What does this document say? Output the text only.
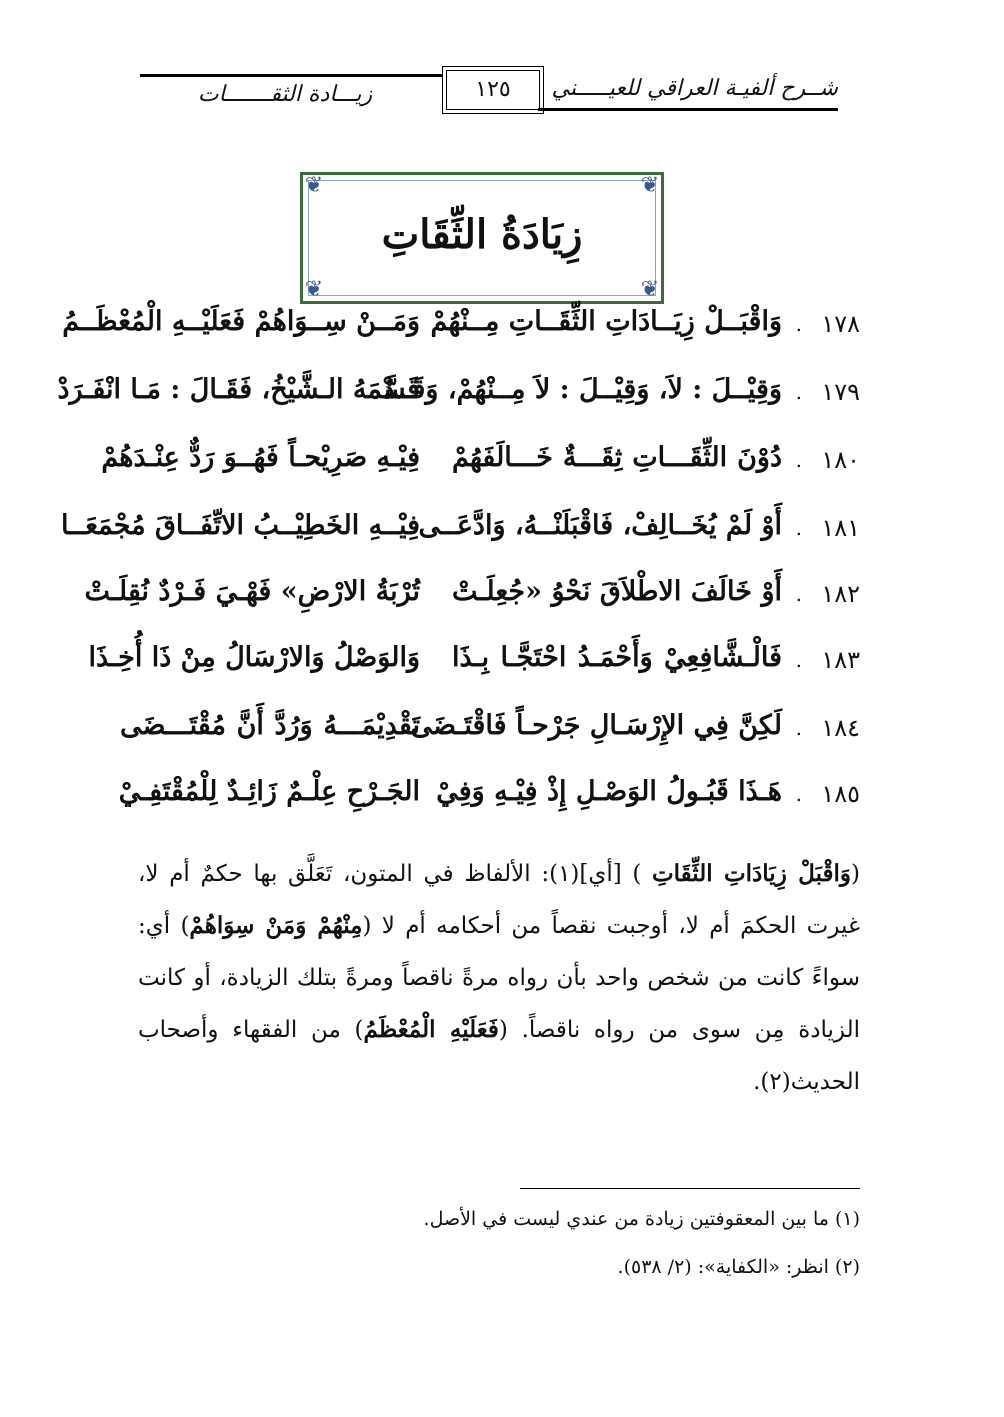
زيـــادة الثقـــــــات	١٢٥	شــرح ألفيـة العراقي للعيـــــني
❦	❦
❦	❦
زِيَادَةُ الثِّقَاتِ
١٧٨
.
وَاقْبَــلْ زِيَــادَاتِ الثِّقَــاتِ مِــنْهُمْ
وَمَــنْ سِــوَاهُمْ فَعَلَيْــهِ الْمُعْظَــمُ
١٧٩
.
وَقِيْــلَ : لاَ، وَقِيْــلَ : لاَ مِــنْهُمْ، وَقَــدْ
قَسَّمَهُ الـشَّيْخُ، فَقَـالَ : مَـا انْفَـرَدْ
١٨٠
.
دُوْنَ الثِّقَـــاتِ ثِقَـــةٌ خَـــالَفَهُمْ
فِيْـهِ صَرِيْحـاً فَهُــوَ رَدٌّ عِنْـدَهُمْ
١٨١
.
أَوْ لَمْ يُخَــالِفْ، فَاقْبَلَنْــهُ، وَادَّعَــى
فِيْــهِ الخَطِيْــبُ الاتِّفَــاقَ مُجْمَعَــا
١٨٢
.
أَوْ خَالَفَ الاطْلاَقَ نَحْوُ «جُعِلَـتْ
تُرْبَةُ الارْضِ» فَهْـيَ فَـرْدٌ نُقِلَـتْ
١٨٣
.
فَالْـشَّافِعِيْ وَأَحْمَـدُ احْتَجَّـا بِـذَا
وَالوَصْلُ وَالارْسَالُ مِنْ ذَا أُخِـذَا
١٨٤
.
لَكِنَّ فِي الإِرْسَـالِ جَرْحـاً فَاقْتَـضَى
تَقْدِيْمَـــهُ وَرُدَّ أَنَّ مُقْتَـــضَى
١٨٥
.
هَـذَا قَبُـولُ الوَصْـلِ إِذْ فِيْـهِ وَفِيْ
الجَـرْحِ عِلْـمٌ زَائِـدٌ لِلْمُقْتَفِـيْ
(وَاقْبَلْ زِيَادَاتِ الثِّقَاتِ ) [أي](١): الألفاظ في المتون، تَعَلَّق بها حكمٌ أم لا، غيرت الحكمَ أم لا، أوجبت نقصاً من أحكامه أم لا (مِنْهُمْ وَمَنْ سِوَاهُمْ) أي: سواءً كانت من شخص واحد بأن رواه مرةً ناقصاً ومرةً بتلك الزيادة، أو كانت الزيادة مِن سوى من رواه ناقصاً. (فَعَلَيْهِ الْمُعْظَمُ) من الفقهاء وأصحاب الحديث(٢).
(١) ما بين المعقوفتين زيادة من عندي ليست في الأصل.
(٢) انظر: «الكفاية»: (٢/ ٥٣٨).
